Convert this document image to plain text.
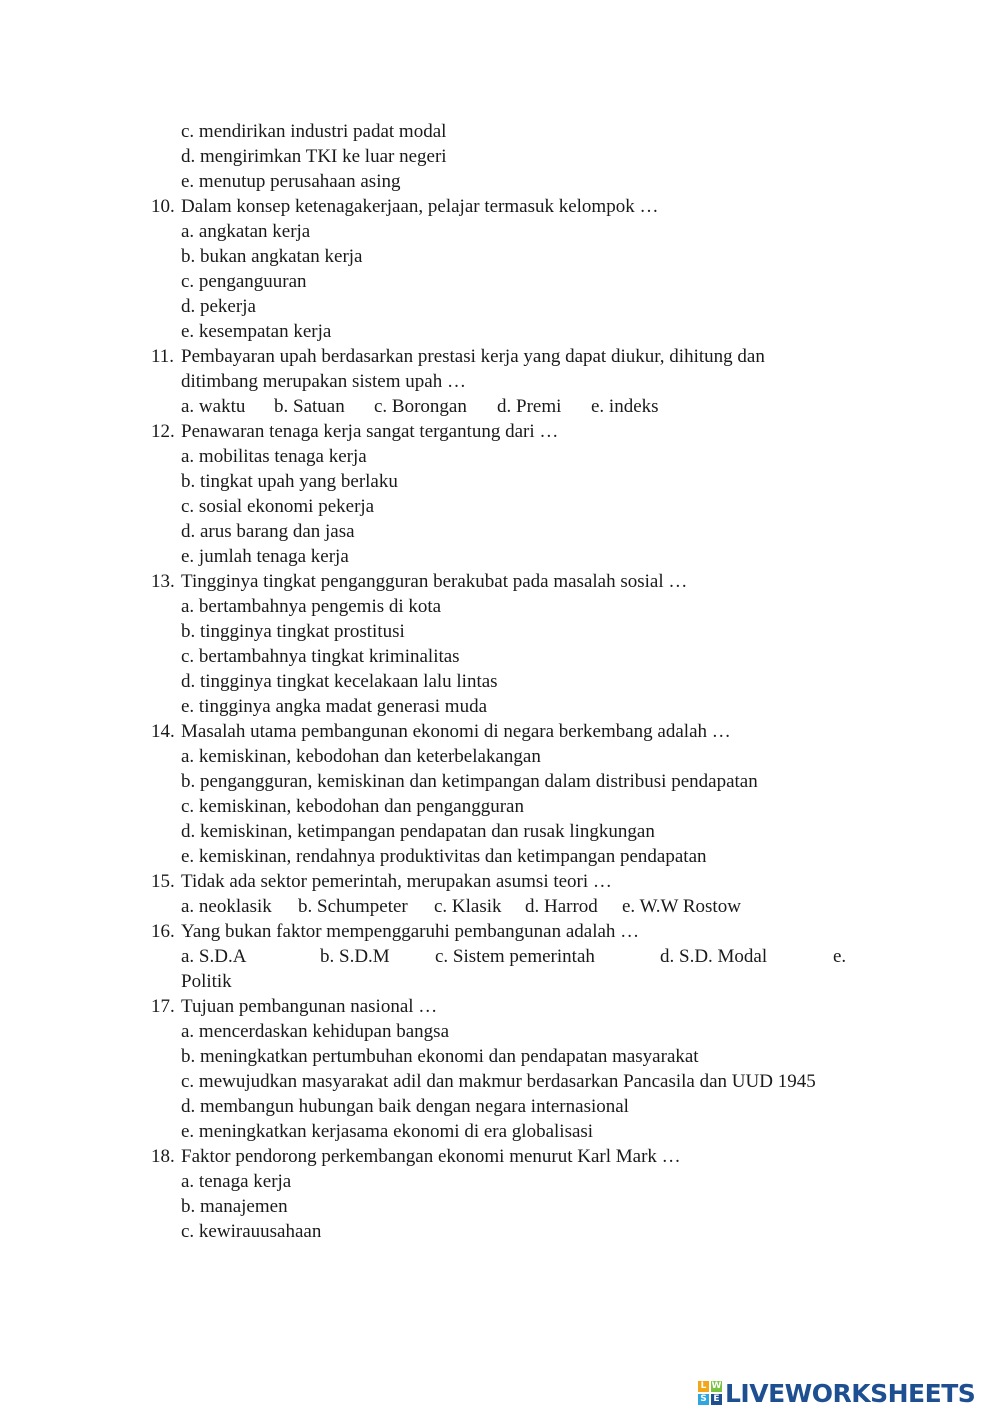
c. mendirikan industri padat modal
d. mengirimkan TKI ke luar negeri
e. menutup perusahaan asing
10. Dalam konsep ketenagakerjaan, pelajar termasuk kelompok …
a. angkatan kerja
b. bukan angkatan kerja
c. penganguuran
d. pekerja
e. kesempatan kerja
11. Pembayaran upah berdasarkan prestasi kerja yang dapat diukur, dihitung dan
ditimbang merupakan sistem upah …
a. waktu b. Satuan c. Borongan d. Premi e. indeks
12. Penawaran tenaga kerja sangat tergantung dari …
a. mobilitas tenaga kerja
b. tingkat upah yang berlaku
c. sosial ekonomi pekerja
d. arus barang dan jasa
e. jumlah tenaga kerja
13. Tingginya tingkat pengangguran berakubat pada masalah sosial …
a. bertambahnya pengemis di kota
b. tingginya tingkat prostitusi
c. bertambahnya tingkat kriminalitas
d. tingginya tingkat kecelakaan lalu lintas
e. tingginya angka madat generasi muda
14. Masalah utama pembangunan ekonomi di negara berkembang adalah …
a. kemiskinan, kebodohan dan keterbelakangan
b. pengangguran, kemiskinan dan ketimpangan dalam distribusi pendapatan
c. kemiskinan, kebodohan dan pengangguran
d. kemiskinan, ketimpangan pendapatan dan rusak lingkungan
e. kemiskinan, rendahnya produktivitas dan ketimpangan pendapatan
15. Tidak ada sektor pemerintah, merupakan asumsi teori …
a. neoklasik b. Schumpeter c. Klasik d. Harrod e. W.W Rostow
16. Yang bukan faktor mempenggaruhi pembangunan adalah …
a. S.D.A	b. S.D.M c. Sistem pemerintah	d. S.D. Modal	e.
Politik
17. Tujuan pembangunan nasional …
a. mencerdaskan kehidupan bangsa
b. meningkatkan pertumbuhan ekonomi dan pendapatan masyarakat
c. mewujudkan masyarakat adil dan makmur berdasarkan Pancasila dan UUD 1945
d. membangun hubungan baik dengan negara internasional
e. meningkatkan kerjasama ekonomi di era globalisasi
18. Faktor pendorong perkembangan ekonomi menurut Karl Mark …
a. tenaga kerja
b. manajemen
c. kewirauusahaan
L W
S E LIVEWORKSHEETS
